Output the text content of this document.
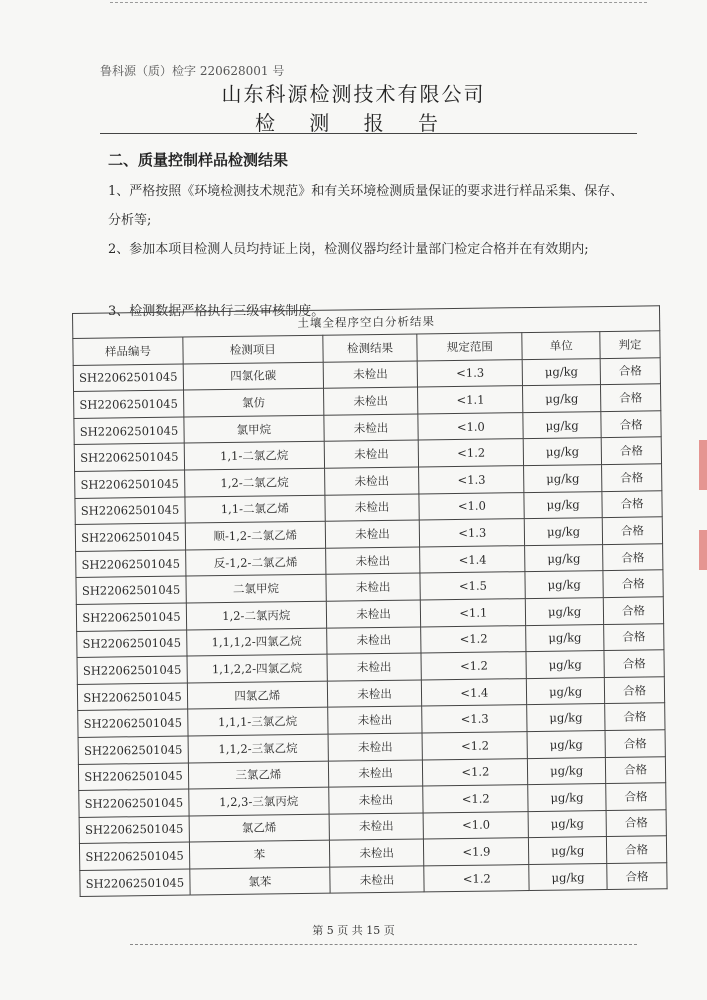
鲁科源（质）检字 220628001 号
山东科源检测技术有限公司
检 测 报 告
二、质量控制样品检测结果
1、严格按照《环境检测技术规范》和有关环境检测质量保证的要求进行样品采集、保存、分析等;
2、参加本项目检测人员均持证上岗，检测仪器均经计量部门检定合格并在有效期内;
3、检测数据严格执行三级审核制度。
土壤全程序空白分析结果					
样品编号	检测项目	检测结果	规定范围	单位	判定
SH22062501045	四氯化碳	未检出	<1.3	μg/kg	合格
SH22062501045	氯仿	未检出	<1.1	μg/kg	合格
SH22062501045	氯甲烷	未检出	<1.0	μg/kg	合格
SH22062501045	1,1-二氯乙烷	未检出	<1.2	μg/kg	合格
SH22062501045	1,2-二氯乙烷	未检出	<1.3	μg/kg	合格
SH22062501045	1,1-二氯乙烯	未检出	<1.0	μg/kg	合格
SH22062501045	顺-1,2-二氯乙烯	未检出	<1.3	μg/kg	合格
SH22062501045	反-1,2-二氯乙烯	未检出	<1.4	μg/kg	合格
SH22062501045	二氯甲烷	未检出	<1.5	μg/kg	合格
SH22062501045	1,2-二氯丙烷	未检出	<1.1	μg/kg	合格
SH22062501045	1,1,1,2-四氯乙烷	未检出	<1.2	μg/kg	合格
SH22062501045	1,1,2,2-四氯乙烷	未检出	<1.2	μg/kg	合格
SH22062501045	四氯乙烯	未检出	<1.4	μg/kg	合格
SH22062501045	1,1,1-三氯乙烷	未检出	<1.3	μg/kg	合格
SH22062501045	1,1,2-三氯乙烷	未检出	<1.2	μg/kg	合格
SH22062501045	三氯乙烯	未检出	<1.2	μg/kg	合格
SH22062501045	1,2,3-三氯丙烷	未检出	<1.2	μg/kg	合格
SH22062501045	氯乙烯	未检出	<1.0	μg/kg	合格
SH22062501045	苯	未检出	<1.9	μg/kg	合格
SH22062501045	氯苯	未检出	<1.2	μg/kg	合格
第 5 页 共 15 页
